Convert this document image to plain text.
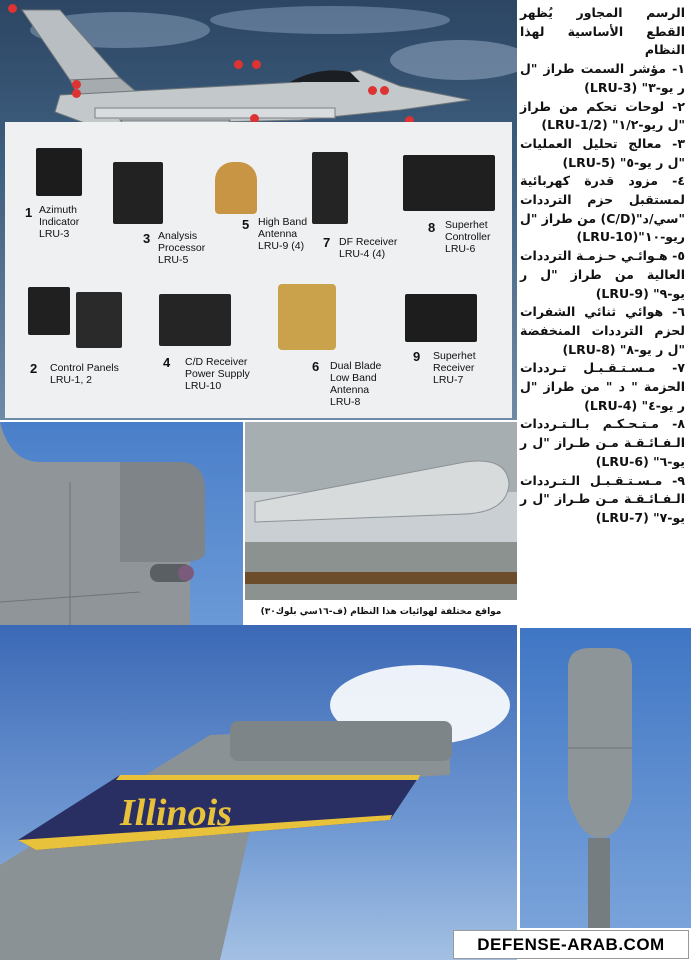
1 Azimuth
Indicator
LRU-3	3 Analysis
Processor
LRU-5
5 High Band
Antenna
LRU-9 (4)	7 DF Receiver
LRU-4 (4)
8 Superhet
Controller
LRU-6
2 Control Panels
LRU-1, 2
4 C/D Receiver
Power Supply
LRU-10
6 Dual Blade
Low Band
Antenna
LRU-8
9 Superhet
Receiver
LRU-7

الرسم المجاور يُظهر القطع الأساسية لهذا النظام

١- مؤشر السمت طراز "ل ر يو-٣" (LRU-3)

٢- لوحات تحكم من طراز "ل ريو-١/٢" (LRU-1/2)

٣- معالج تحليل العمليات "ل ر يو-٥" (LRU-5)

٤- مزود قدرة كهربائية لمستقبل حزم الترددات "سي/د"(C/D) من طراز "ل ريو-١٠"(LRU-10)

٥- هـوائـي حـزمـة الترددات العالية من طراز "ل ر يو-٩" (LRU-9)

٦- هوائي ثنائي الشفرات لحزم الترددات المنخفضة "ل ر يو-٨" (LRU-8)

٧- مـسـتـقـبـل تـرددات الحزمة " د " من طراز "ل ر يو-٤" (LRU-4)

٨- مـتـحـكـم بـالـتـرددات الـفـائـقـة مـن طـراز "ل ر يو-٦" (LRU-6)

٩- مـسـتـقـبـل الـتـرددات الـفـائـقـة مـن طـراز "ل ر يو-٧" (LRU-7)

مواقع مختلفة لهوائيات هذا النظام (ف-١٦سي بلوك٣٠)
Illinois
DEFENSE-ARAB.COM
